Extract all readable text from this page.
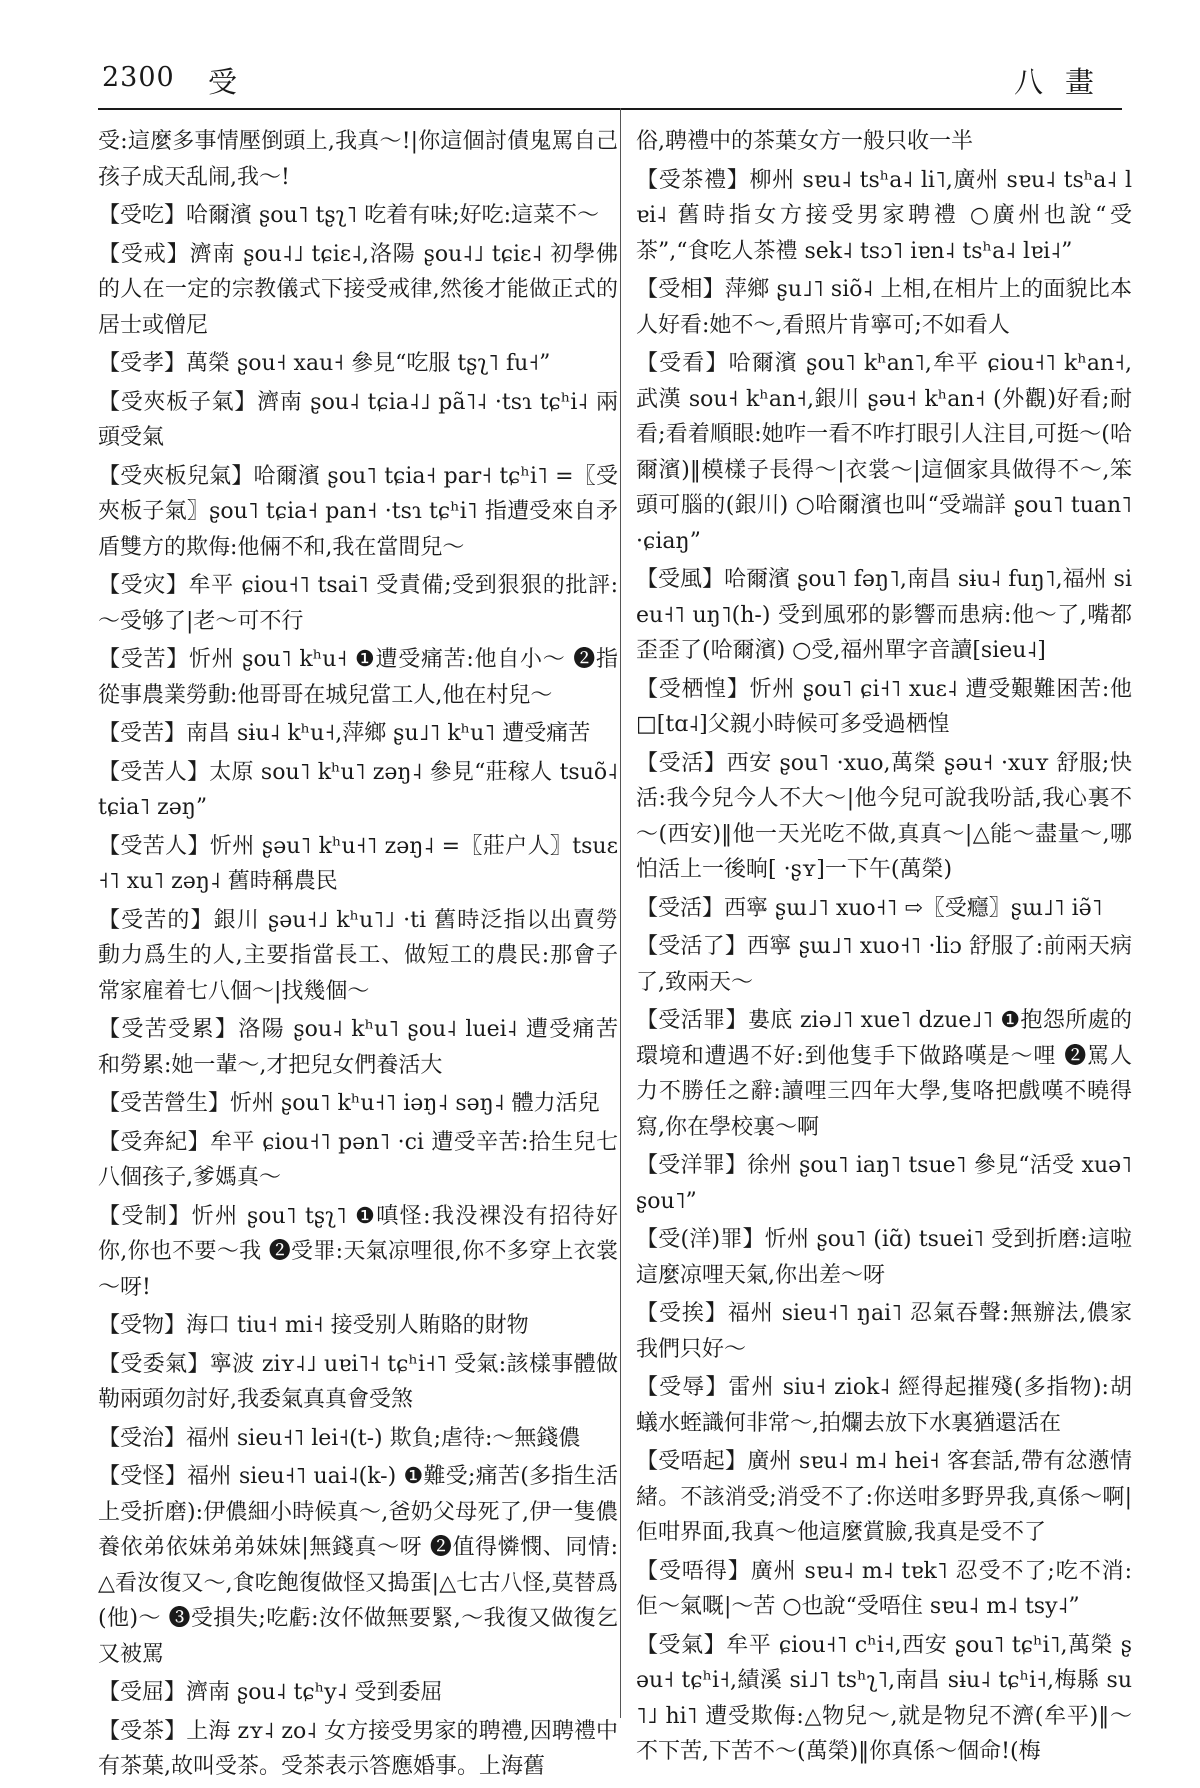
2300 受	八畫

受:這麼多事情壓倒頭上,我真～!|你這個討債鬼罵自己孩子成天乱闹,我～!

【受吃】哈爾濱 ʂou˥ tʂʅ˥ 吃着有味;好吃:這菜不～

【受戒】濟南 ʂou˨˩ tɕiɛ˨,洛陽 ʂou˨˩ tɕiɛ˨ 初學佛的人在一定的宗教儀式下接受戒律,然後才能做正式的居士或僧尼

【受孝】萬榮 ʂou˧ xau˧ 參見“吃服 tʂʅ˥ fu˧”

【受夾板子氣】濟南 ʂou˨ tɕia˨˩ pã˥˨ ·tsɿ tɕʰi˨ 兩頭受氣

【受夾板兒氣】哈爾濱 ʂou˥ tɕia˧ par˧ tɕʰi˥ =〖受夾板子氣〗ʂou˥ tɕia˧ pan˧ ·tsɿ tɕʰi˥ 指遭受來自矛盾雙方的欺侮:他倆不和,我在當間兒～

【受灾】牟平 ɕiou˧˥ tsai˥ 受責備;受到狠狠的批評:～受够了|老～可不行

【受苦】忻州 ʂou˥ kʰu˧ ❶遭受痛苦:他自小～ ❷指從事農業勞動:他哥哥在城兒當工人,他在村兒～

【受苦】南昌 sɨu˨ kʰu˧,萍鄉 ʂu˩˥ kʰu˥ 遭受痛苦

【受苦人】太原 sou˥ kʰu˥ zəŋ˨ 參見“莊稼人 tsuõ˨ tɕia˥ zəŋ”

【受苦人】忻州 ʂəu˥ kʰu˧˥ zəŋ˨ =〖莊户人〗tsuɛ˧˥ xu˥ zəŋ˨ 舊時稱農民

【受苦的】銀川 ʂəu˧˩ kʰu˥˩ ·ti 舊時泛指以出賣勞動力爲生的人,主要指當長工、做短工的農民:那會子常家雇着七八個～|找幾個～

【受苦受累】洛陽 ʂou˨ kʰu˥ ʂou˨ luei˨ 遭受痛苦和勞累:她一輩～,才把兒女們養活大

【受苦營生】忻州 ʂou˥ kʰu˧˥ iəŋ˨ səŋ˨ 體力活兒

【受奔紀】牟平 ɕiou˧˥ pən˥ ·ci 遭受辛苦:拾生兒七八個孩子,爹媽真～

【受制】忻州 ʂou˥ tʂʅ˥ ❶嗔怪:我没裸没有招待好你,你也不要～我 ❷受罪:天氣凉哩很,你不多穿上衣裳～呀!

【受物】海口 tiu˧ mi˧ 接受别人賄賂的財物

【受委氣】寧波 ziʏ˨˩ uɐi˥˧ tɕʰi˧˥ 受氣:該樣事體做勒兩頭勿討好,我委氣真真會受煞

【受治】福州 sieu˧˥ lei˧(t-) 欺負;虐待:～無錢儂

【受怪】福州 sieu˧˥ uai˨(k-) ❶難受;痛苦(多指生活上受折磨):伊儂細小時候真～,爸奶父母死了,伊一隻儂養依弟依妹弟弟妹妹|無錢真～呀 ❷值得憐憫、同情:△看汝復又～,食吃飽復做怪又搗蛋|△七古八怪,莫替爲(他)～ ❸受損失;吃虧:汝伓做無要緊,～我復又做復乞又被罵

【受屈】濟南 ʂou˨ tɕʰy˨ 受到委屈

【受茶】上海 zʏ˨ zo˨ 女方接受男家的聘禮,因聘禮中有茶葉,故叫受茶。受茶表示答應婚事。上海舊

俗,聘禮中的茶葉女方一般只收一半

【受茶禮】柳州 sɐu˨ tsʰa˨ li˥,廣州 sɐu˨ tsʰa˨ lɐi˨ 舊時指女方接受男家聘禮 ○廣州也說“受茶”,“食吃人茶禮 sek˨ tsɔ˥ iɐn˨ tsʰa˨ lɐi˨”

【受相】萍鄉 ʂu˩˥ siõ˨ 上相,在相片上的面貌比本人好看:她不～,看照片肯寧可;不如看人

【受看】哈爾濱 ʂou˥ kʰan˥,牟平 ɕiou˧˥ kʰan˧,武漢 sou˧ kʰan˧,銀川 ʂəu˧ kʰan˧ (外觀)好看;耐看;看着順眼:她咋一看不咋打眼引人注目,可挺～(哈爾濱)‖模樣子長得～|衣裳～|這個家具做得不～,笨頭可腦的(銀川) ○哈爾濱也叫“受端詳 ʂou˥ tuan˥ ·ɕiaŋ”

【受風】哈爾濱 ʂou˥ fəŋ˥,南昌 sɨu˨ fuŋ˥,福州 sieu˧˥ uŋ˥(h-) 受到風邪的影響而患病:他～了,嘴都歪歪了(哈爾濱) ○受,福州單字音讀[sieu˨]

【受栖惶】忻州 ʂou˥ ɕi˧˥ xuɛ˨ 遭受艱難困苦:他□[tɑ˨]父親小時候可多受過栖惶

【受活】西安 ʂou˥ ·xuo,萬榮 ʂəu˧ ·xuʏ 舒服;快活:我今兒今人不大～|他今兒可說我吩話,我心裏不～(西安)‖他一天光吃不做,真真～|△能～盡量～,哪怕活上一後晌[ ·ʂʏ]一下午(萬榮)

【受活】西寧 ʂɯ˩˥ xuo˧˥ ⇨〖受癮〗ʂɯ˩˥ iə̃˥

【受活了】西寧 ʂɯ˩˥ xuo˧˥ ·liɔ 舒服了:前兩天病了,致兩天～

【受活罪】婁底 ziə˩˥ xue˥ dzue˩˥ ❶抱怨所處的環境和遭遇不好:到他隻手下做路嘆是～哩 ❷罵人力不勝任之辭:讀哩三四年大學,隻咯把戲嘆不曉得寫,你在學校裏～啊

【受洋罪】徐州 ʂou˥ iaŋ˥ tsue˥ 參見“活受 xuə˥ ʂou˥”

【受(洋)罪】忻州 ʂou˥ (iɑ̃) tsuei˥ 受到折磨:這啦這麼凉哩天氣,你出差～呀

【受挨】福州 sieu˧˥ ŋai˥ 忍氣吞聲:無辦法,儂家我們只好～

【受辱】雷州 siu˧ ziok˨ 經得起摧殘(多指物):胡蟻水蛭識何非常～,拍爛去放下水裏猶還活在

【受唔起】廣州 sɐu˨ m˨ hei˧ 客套話,帶有忿懣情緒。不該消受;消受不了:你送咁多野畀我,真係～啊|佢咁界面,我真～他這麼賞臉,我真是受不了

【受唔得】廣州 sɐu˨ m˨ tɐk˥ 忍受不了;吃不消:佢～氣嘅|～苦 ○也說“受唔住 sɐu˨ m˨ tsy˨”

【受氣】牟平 ɕiou˧˥ cʰi˧,西安 ʂou˥ tɕʰi˥,萬榮 ʂəu˧ tɕʰi˧,績溪 si˩˥ tsʰʅ˥,南昌 sɨu˨ tɕʰi˧,梅縣 su˥˩ hi˥ 遭受欺侮:△物兒～,就是物兒不濟(牟平)‖～不下苦,下苦不～(萬榮)‖你真係～個命!(梅
